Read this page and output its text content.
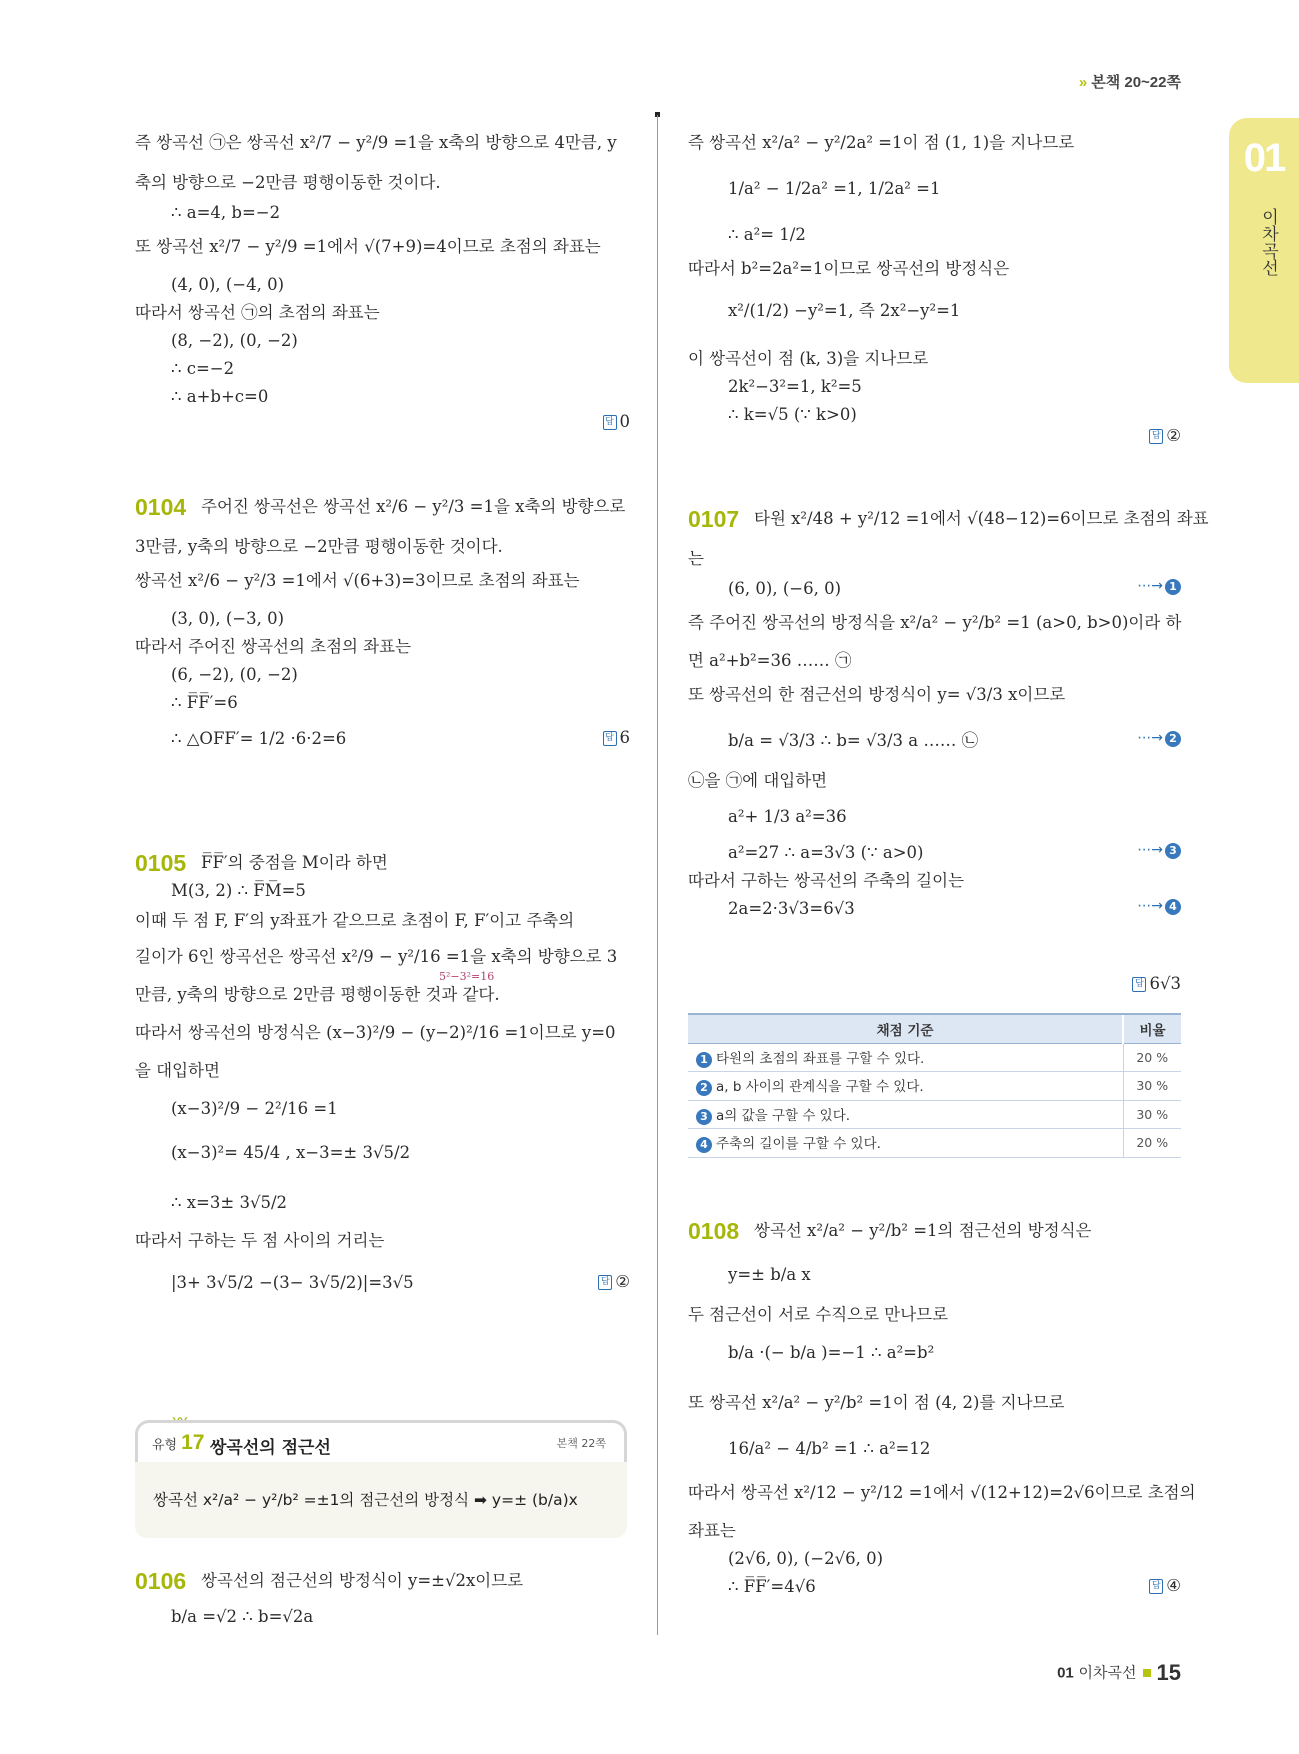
» 본책 20~22쪽
01
이차곡선
즉 쌍곡선 ㉠은 쌍곡선 x²/7 − y²/9 =1을 x축의 방향으로 4만큼, y
축의 방향으로 −2만큼 평행이동한 것이다.
∴ a=4, b=−2
또 쌍곡선 x²/7 − y²/9 =1에서 √(7+9)=4이므로 초점의 좌표는
(4, 0), (−4, 0)
따라서 쌍곡선 ㉠의 초점의 좌표는
(8, −2), (0, −2)
∴ c=−2
∴ a+b+c=0
답 0
0104 주어진 쌍곡선은 쌍곡선 x²/6 − y²/3 =1을 x축의 방향으로
3만큼, y축의 방향으로 −2만큼 평행이동한 것이다.
쌍곡선 x²/6 − y²/3 =1에서 √(6+3)=3이므로 초점의 좌표는
(3, 0), (−3, 0)
따라서 주어진 쌍곡선의 초점의 좌표는
(6, −2), (0, −2)
∴ F̅F̅′=6
∴ △OFF′= 1/2 ·6·2=6	답 6
0105 F̅F̅′의 중점을 M이라 하면
M(3, 2) ∴ F̅M̅=5
이때 두 점 F, F′의 y좌표가 같으므로 초점이 F, F′이고 주축의
길이가 6인 쌍곡선은 쌍곡선 x²/9 − y²/16 =1을 x축의 방향으로 3
만큼, y축의 방향으로 2만큼 평행이동한 것과 같다.
따라서 쌍곡선의 방정식은 (x−3)²/9 − (y−2)²/16 =1이므로 y=0
을 대입하면
(x−3)²/9 − 2²/16 =1
(x−3)²= 45/4 , x−3=± 3√5/2
∴ x=3± 3√5/2
따라서 구하는 두 점 사이의 거리는
|3+ 3√5/2 −(3− 3√5/2)|=3√5
5²−3²=16
답 ②
유형 17 쌍곡선의 점근선	본책 22쪽
쌍곡선 x²/a² − y²/b² =±1의 점근선의 방정식 ➡ y=± (b/a)x
0106 쌍곡선의 점근선의 방정식이 y=±√2x이므로
b/a =√2 ∴ b=√2a
즉 쌍곡선 x²/a² − y²/2a² =1이 점 (1, 1)을 지나므로
1/a² − 1/2a² =1, 1/2a² =1
∴ a²= 1/2
따라서 b²=2a²=1이므로 쌍곡선의 방정식은
x²/(1/2) −y²=1, 즉 2x²−y²=1
이 쌍곡선이 점 (k, 3)을 지나므로
2k²−3²=1, k²=5
∴ k=√5 (∵ k>0)
답 ②
0107 타원 x²/48 + y²/12 =1에서 √(48−12)=6이므로 초점의 좌표
는
(6, 0), (−6, 0)
즉 주어진 쌍곡선의 방정식을 x²/a² − y²/b² =1 (a>0, b>0)이라 하
면 a²+b²=36 …… ㉠
또 쌍곡선의 한 점근선의 방정식이 y= √3/3 x이므로
b/a = √3/3 ∴ b= √3/3 a …… ㉡
㉡을 ㉠에 대입하면
a²+ 1/3 a²=36
a²=27 ∴ a=3√3 (∵ a>0)
따라서 구하는 쌍곡선의 주축의 길이는
2a=2·3√3=6√3
⋯→ 1
⋯→ 2
⋯→ 3
⋯→ 4
답 6√3
채점 기준	비율
1 타원의 초점의 좌표를 구할 수 있다.	20 %
2 a, b 사이의 관계식을 구할 수 있다.	30 %
3 a의 값을 구할 수 있다.	30 %
4 주축의 길이를 구할 수 있다.	20 %
0108 쌍곡선 x²/a² − y²/b² =1의 점근선의 방정식은
y=± b/a x
두 점근선이 서로 수직으로 만나므로
b/a ·(− b/a )=−1 ∴ a²=b²
또 쌍곡선 x²/a² − y²/b² =1이 점 (4, 2)를 지나므로
16/a² − 4/b² =1 ∴ a²=12
따라서 쌍곡선 x²/12 − y²/12 =1에서 √(12+12)=2√6이므로 초점의
좌표는
(2√6, 0), (−2√6, 0)
∴ F̅F̅′=4√6	답 ④
01 이차곡선 15
